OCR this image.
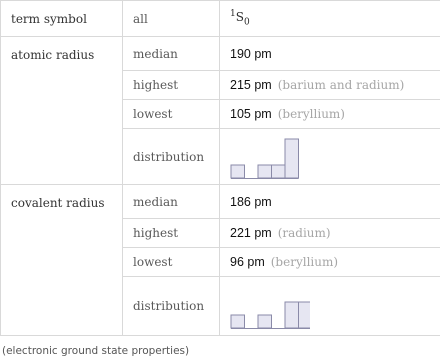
term symbol	all	$^1S_0$
atomic radius	median	190 pm
	highest	215 pm (barium and radium)
	lowest	105 pm (beryllium)
	distribution	

covalent radius	median	186 pm
	highest	221 pm (radium)
	lowest	96 pm (beryllium)
	distribution	
(electronic ground state properties)
